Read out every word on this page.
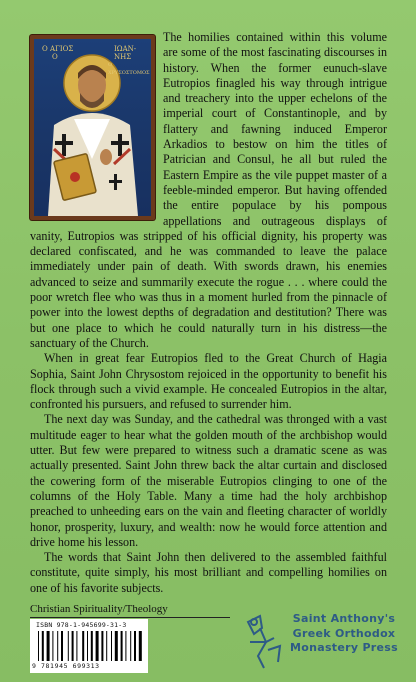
Ο ΑΓΙΟΣ
Ο
ΙΩΑΝ-
ΝΗΣ
Ο ΧΡΥΣΟΣΤΟΜΟΣ

The homilies contained within this volume are some of the most fascinating discourses in history. When the former eunuch-slave Eutropios finagled his way through intrigue and treachery into the upper echelons of the imperial court of Constantinople, and by flattery and fawning induced Emperor Arkadios to bestow on him the titles of Patrician and Consul, he all but ruled the Eastern Empire as the vile puppet master of a feeble-minded emperor. But having offended the entire populace by his pompous appellations and outrageous displays of vanity, Eutropios was stripped of his official dignity, his property was declared confiscated, and he was commanded to leave the palace immediately under pain of death. With swords drawn, his enemies advanced to seize and summarily execute the rogue . . . where could the poor wretch flee who was thus in a moment hurled from the pinnacle of power into the lowest depths of degradation and destitution? There was but one place to which he could naturally turn in his distress—the sanctuary of the Church.

When in great fear Eutropios fled to the Great Church of Hagia Sophia, Saint John Chrysostom rejoiced in the opportunity to benefit his flock through such a vivid example. He concealed Eutropios in the altar, confronted his pursuers, and refused to surrender him.

The next day was Sunday, and the cathedral was thronged with a vast multitude eager to hear what the golden mouth of the archbishop would utter. But few were prepared to witness such a dramatic scene as was actually presented. Saint John threw back the altar curtain and disclosed the cowering form of the miserable Eutropios clinging to one of the columns of the Holy Table. Many a time had the holy archbishop preached to unheeding ears on the vain and fleeting character of worldly honor, prosperity, luxury, and wealth: now he would force attention and drive home his lesson.

The words that Saint John then delivered to the assembled faithful constitute, quite simply, his most brilliant and compelling homilies on one of his favorite subjects.

Christian Spirituality/Theology
ISBN 978-1-945699-31-3
9 781945 699313
Saint Anthony's
Greek Orthodox
Monastery Press
